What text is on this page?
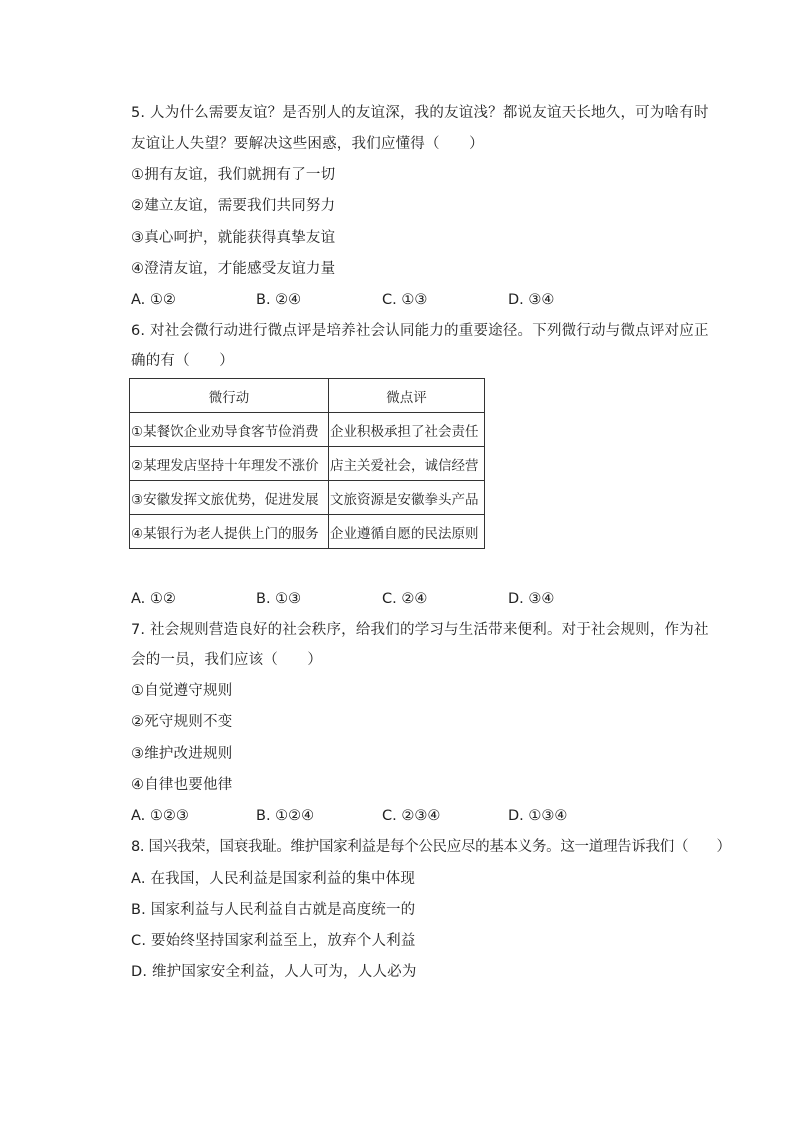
5. 人为什么需要友谊？是否别人的友谊深，我的友谊浅？都说友谊天长地久，可为啥有时
友谊让人失望？要解决这些困惑，我们应懂得（　　）
①拥有友谊，我们就拥有了一切
②建立友谊，需要我们共同努力
③真心呵护，就能获得真挚友谊
④澄清友谊，才能感受友谊力量
A. ①②	B. ②④	C. ①③	D. ③④
6. 对社会微行动进行微点评是培养社会认同能力的重要途径。下列微行动与微点评对应正
确的有（　　）
微行动	微点评
①某餐饮企业劝导食客节俭消费	企业积极承担了社会责任
②某理发店坚持十年理发不涨价	店主关爱社会，诚信经营
③安徽发挥文旅优势，促进发展	文旅资源是安徽拳头产品
④某银行为老人提供上门的服务	企业遵循自愿的民法原则
A. ①②	B. ①③	C. ②④	D. ③④
7. 社会规则营造良好的社会秩序，给我们的学习与生活带来便利。对于社会规则，作为社
会的一员，我们应该（　　）
①自觉遵守规则
②死守规则不变
③维护改进规则
④自律也要他律
A. ①②③	B. ①②④	C. ②③④	D. ①③④
8. 国兴我荣，国衰我耻。维护国家利益是每个公民应尽的基本义务。这一道理告诉我们（　　）
A. 在我国，人民利益是国家利益的集中体现
B. 国家利益与人民利益自古就是高度统一的
C. 要始终坚持国家利益至上，放弃个人利益
D. 维护国家安全利益，人人可为，人人必为
